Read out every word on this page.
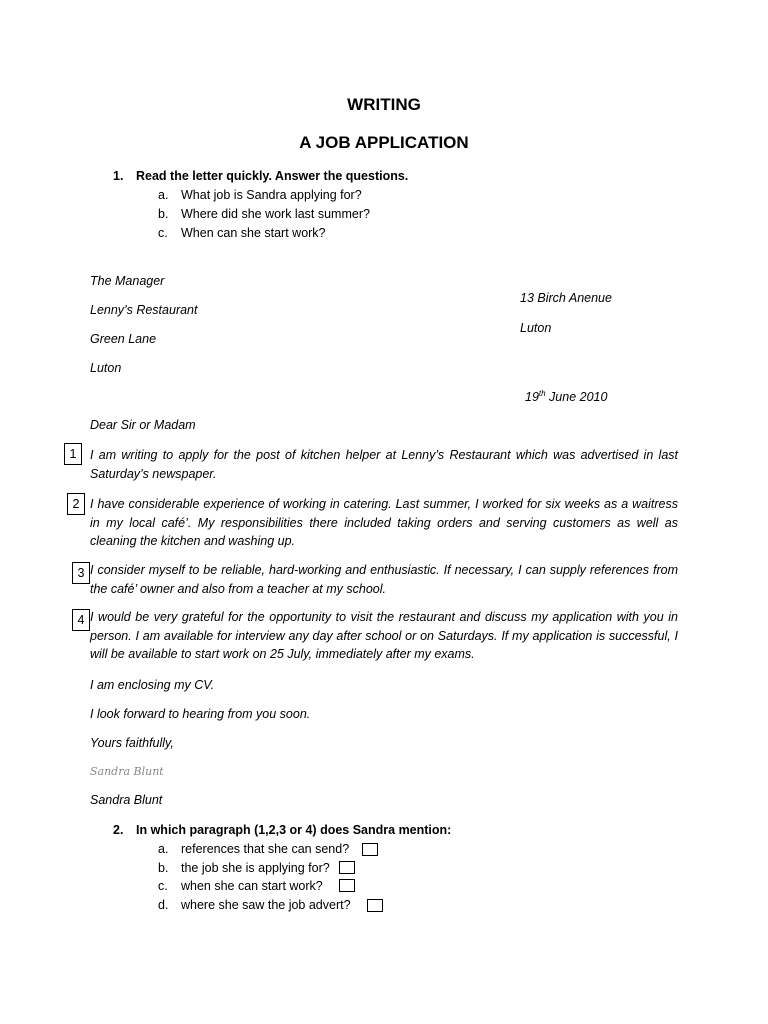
WRITING
A JOB APPLICATION
1. Read the letter quickly. Answer the questions.
a. What job is Sandra applying for?
b. Where did she work last summer?
c. When can she start work?
The Manager
Lenny’s Restaurant
Green Lane
Luton
13 Birch Anenue
Luton
19th June 2010
Dear Sir or Madam
1
2
3
4
I am writing to apply for the post of kitchen helper at Lenny’s Restaurant which was advertised in last Saturday’s newspaper.
I have considerable experience of working in catering. Last summer, I worked for six weeks as a waitress in my local café’. My responsibilities there included taking orders and serving customers as well as cleaning the kitchen and washing up.
I consider myself to be reliable, hard-working and enthusiastic. If necessary, I can supply references from the café’ owner and also from a teacher at my school.
I would be very grateful for the opportunity to visit the restaurant and discuss my application with you in person. I am available for interview any day after school or on Saturdays. If my application is successful, I will be available to start work on 25 July, immediately after my exams.
I am enclosing my CV.
I look forward to hearing from you soon.
Yours faithfully,
Sandra Blunt
Sandra Blunt
2. In which paragraph (1,2,3 or 4) does Sandra mention:
a. references that she can send?
b. the job she is applying for?
c. when she can start work?
d. where she saw the job advert?
